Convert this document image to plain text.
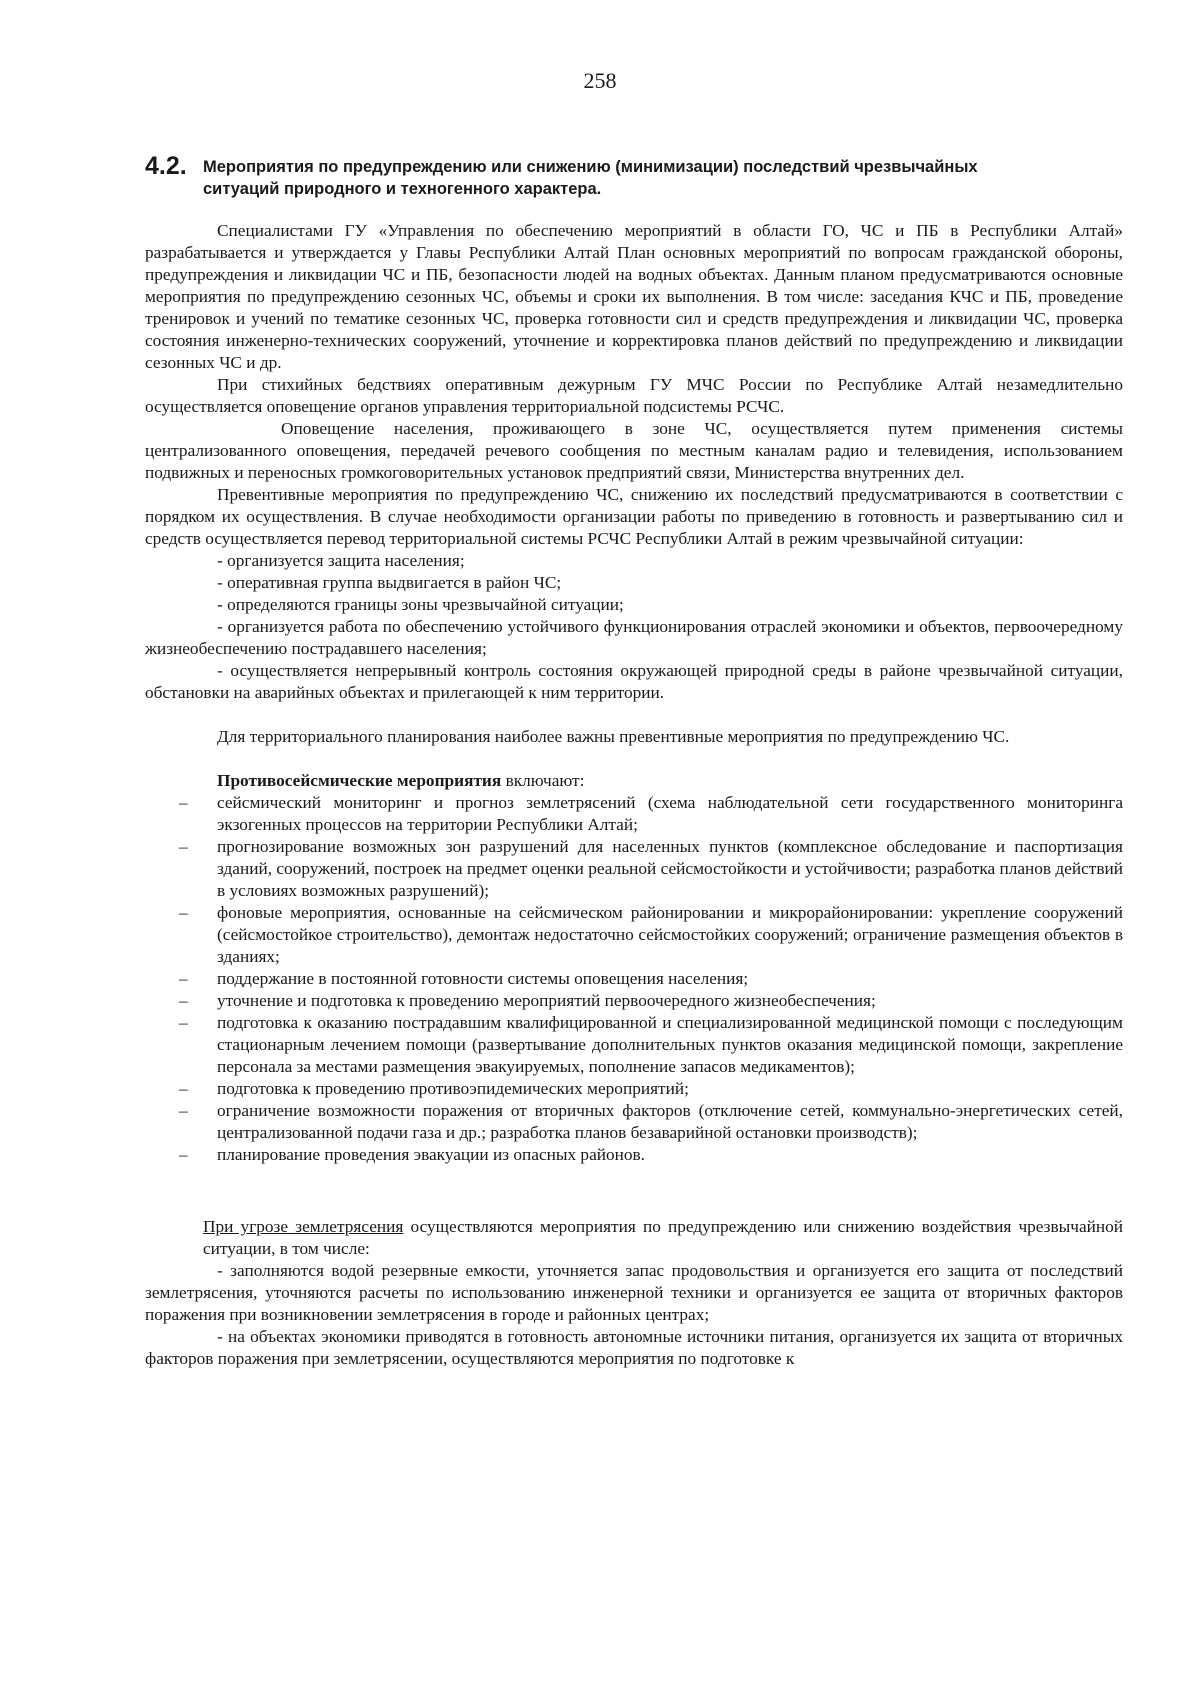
258
4.2. Мероприятия по предупреждению или снижению (минимизации) последствий чрезвычайных
ситуаций природного и техногенного характера.

Специалистами ГУ «Управления по обеспечению мероприятий в области ГО, ЧС и ПБ в Республики Алтай» разрабатывается и утверждается у Главы Республики Алтай План основных мероприятий по вопросам гражданской обороны, предупреждения и ликвидации ЧС и ПБ, безопасности людей на водных объектах. Данным планом предусматриваются основные мероприятия по предупреждению сезонных ЧС, объемы и сроки их выполнения. В том числе: заседания КЧС и ПБ, проведение тренировок и учений по тематике сезонных ЧС, проверка готовности сил и средств предупреждения и ликвидации ЧС, проверка состояния инженерно-технических сооружений, уточнение и корректировка планов действий по предупреждению и ликвидации сезонных ЧС и др.

При стихийных бедствиях оперативным дежурным ГУ МЧС России по Республике Алтай незамедлительно осуществляется оповещение органов управления территориальной подсистемы РСЧС.

Оповещение населения, проживающего в зоне ЧС, осуществляется путем применения системы централизованного оповещения, передачей речевого сообщения по местным каналам радио и телевидения, использованием подвижных и переносных громкоговорительных установок предприятий связи, Министерства внутренних дел.

Превентивные мероприятия по предупреждению ЧС, снижению их последствий предусматриваются в соответствии с порядком их осуществления. В случае необходимости организации работы по приведению в готовность и развертыванию сил и средств осуществляется перевод территориальной системы РСЧС Республики Алтай в режим чрезвычайной ситуации:

- организуется защита населения;

- оперативная группа выдвигается в район ЧС;

- определяются границы зоны чрезвычайной ситуации;

- организуется работа по обеспечению устойчивого функционирования отраслей экономики и объектов, первоочередному жизнеобеспечению пострадавшего населения;

- осуществляется непрерывный контроль состояния окружающей природной среды в районе чрезвычайной ситуации, обстановки на аварийных объектах и прилегающей к ним территории.

Для территориального планирования наиболее важны превентивные мероприятия по предупреждению ЧС.

Противосейсмические мероприятия включают:

– сейсмический мониторинг и прогноз землетрясений (схема наблюдательной сети государственного мониторинга экзогенных процессов на территории Республики Алтай;
– прогнозирование возможных зон разрушений для населенных пунктов (комплексное обследование и паспортизация зданий, сооружений, построек на предмет оценки реальной сейсмостойкости и устойчивости; разработка планов действий в условиях возможных разрушений);
– фоновые мероприятия, основанные на сейсмическом районировании и микрорайонировании: укрепление сооружений (сейсмостойкое строительство), демонтаж недостаточно сейсмостойких сооружений; ограничение размещения объектов в зданиях;
– поддержание в постоянной готовности системы оповещения населения;
– уточнение и подготовка к проведению мероприятий первоочередного жизнеобеспечения;
– подготовка к оказанию пострадавшим квалифицированной и специализированной медицинской помощи с последующим стационарным лечением помощи (развертывание дополнительных пунктов оказания медицинской помощи, закрепление персонала за местами размещения эвакуируемых, пополнение запасов медикаментов);
– подготовка к проведению противоэпидемических мероприятий;
– ограничение возможности поражения от вторичных факторов (отключение сетей, коммунально-энергетических сетей, централизованной подачи газа и др.; разработка планов безаварийной остановки производств);
– планирование проведения эвакуации из опасных районов.

При угрозе землетрясения осуществляются мероприятия по предупреждению или снижению воздействия чрезвычайной ситуации, в том числе:

- заполняются водой резервные емкости, уточняется запас продовольствия и организуется его защита от последствий землетрясения, уточняются расчеты по использованию инженерной техники и организуется ее защита от вторичных факторов поражения при возникновении землетрясения в городе и районных центрах;

- на объектах экономики приводятся в готовность автономные источники питания, организуется их защита от вторичных факторов поражения при землетрясении, осуществляются мероприятия по подготовке к
